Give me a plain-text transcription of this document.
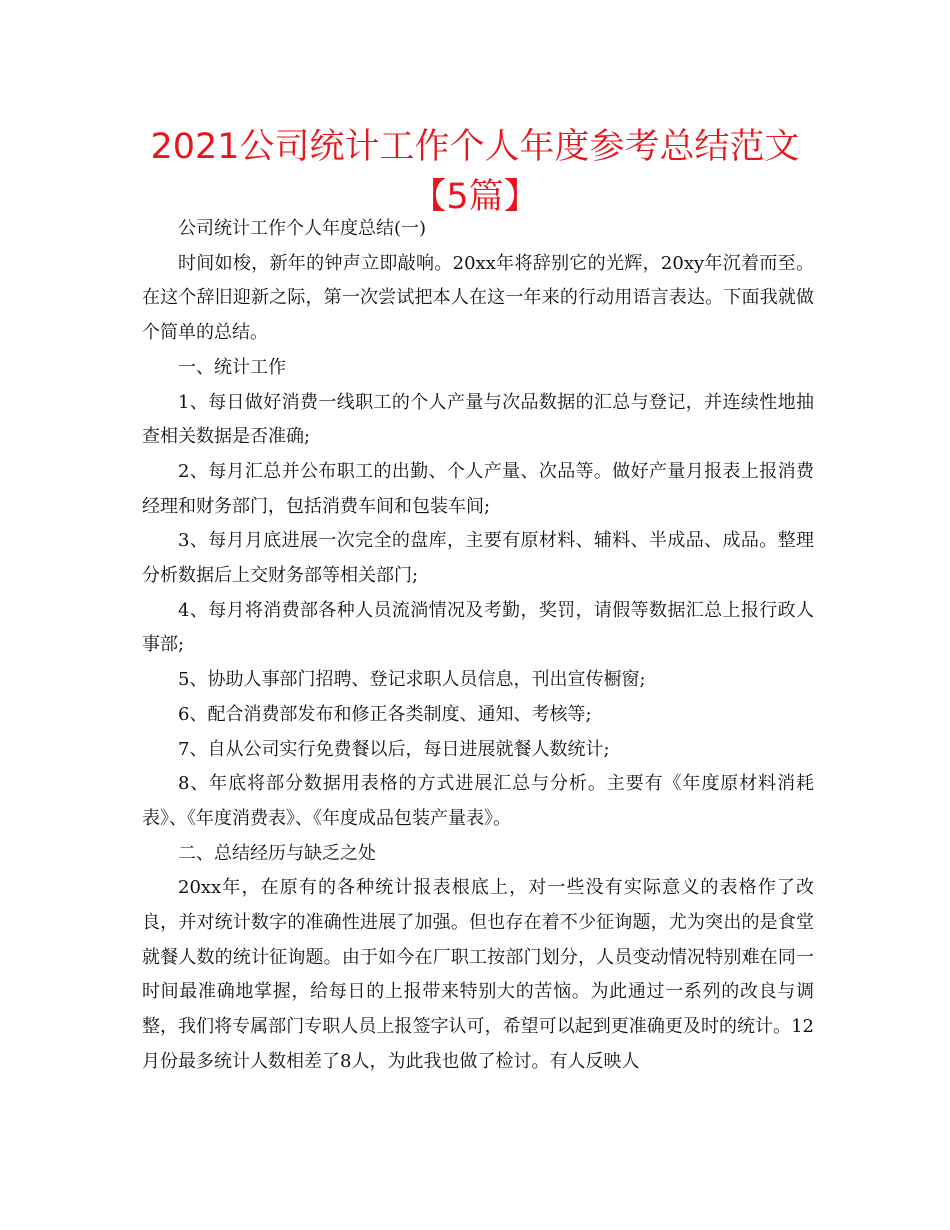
2021公司统计工作个人年度参考总结范文【5篇】

公司统计工作个人年度总结(一)

时间如梭，新年的钟声立即敲响。20xx年将辞别它的光辉，20xy年沉着而至。在这个辞旧迎新之际，第一次尝试把本人在这一年来的行动用语言表达。下面我就做个简单的总结。

一、统计工作

1、每日做好消费一线职工的个人产量与次品数据的汇总与登记，并连续性地抽查相关数据是否准确;

2、每月汇总并公布职工的出勤、个人产量、次品等。做好产量月报表上报消费经理和财务部门，包括消费车间和包装车间;

3、每月月底进展一次完全的盘库，主要有原材料、辅料、半成品、成品。整理分析数据后上交财务部等相关部门;

4、每月将消费部各种人员流淌情况及考勤，奖罚，请假等数据汇总上报行政人事部;

5、协助人事部门招聘、登记求职人员信息，刊出宣传橱窗;

6、配合消费部发布和修正各类制度、通知、考核等;

7、自从公司实行免费餐以后，每日进展就餐人数统计;

8、年底将部分数据用表格的方式进展汇总与分析。主要有《年度原材料消耗表》、《年度消费表》、《年度成品包装产量表》。

二、总结经历与缺乏之处

20xx年，在原有的各种统计报表根底上，对一些没有实际意义的表格作了改良，并对统计数字的准确性进展了加强。但也存在着不少征询题，尤为突出的是食堂就餐人数的统计征询题。由于如今在厂职工按部门划分，人员变动情况特别难在同一时间最准确地掌握，给每日的上报带来特别大的苦恼。为此通过一系列的改良与调整，我们将专属部门专职人员上报签字认可，希望可以起到更准确更及时的统计。12月份最多统计人数相差了8人，为此我也做了检讨。有人反映人
